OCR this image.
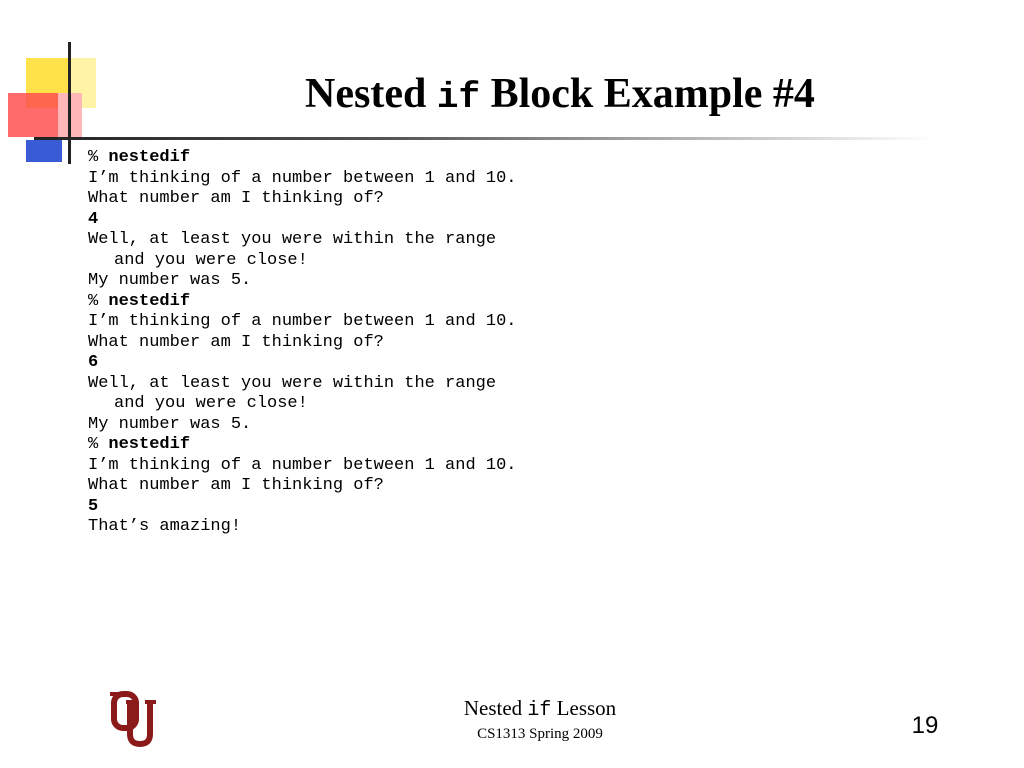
Nested if Block Example #4
% nestedif
I’m thinking of a number between 1 and 10.
What number am I thinking of?
4
Well, at least you were within the range
and you were close!
My number was 5.
% nestedif
I’m thinking of a number between 1 and 10.
What number am I thinking of?
6
Well, at least you were within the range
and you were close!
My number was 5.
% nestedif
I’m thinking of a number between 1 and 10.
What number am I thinking of?
5
That’s amazing!
Nested if Lesson
CS1313 Spring 2009	19
